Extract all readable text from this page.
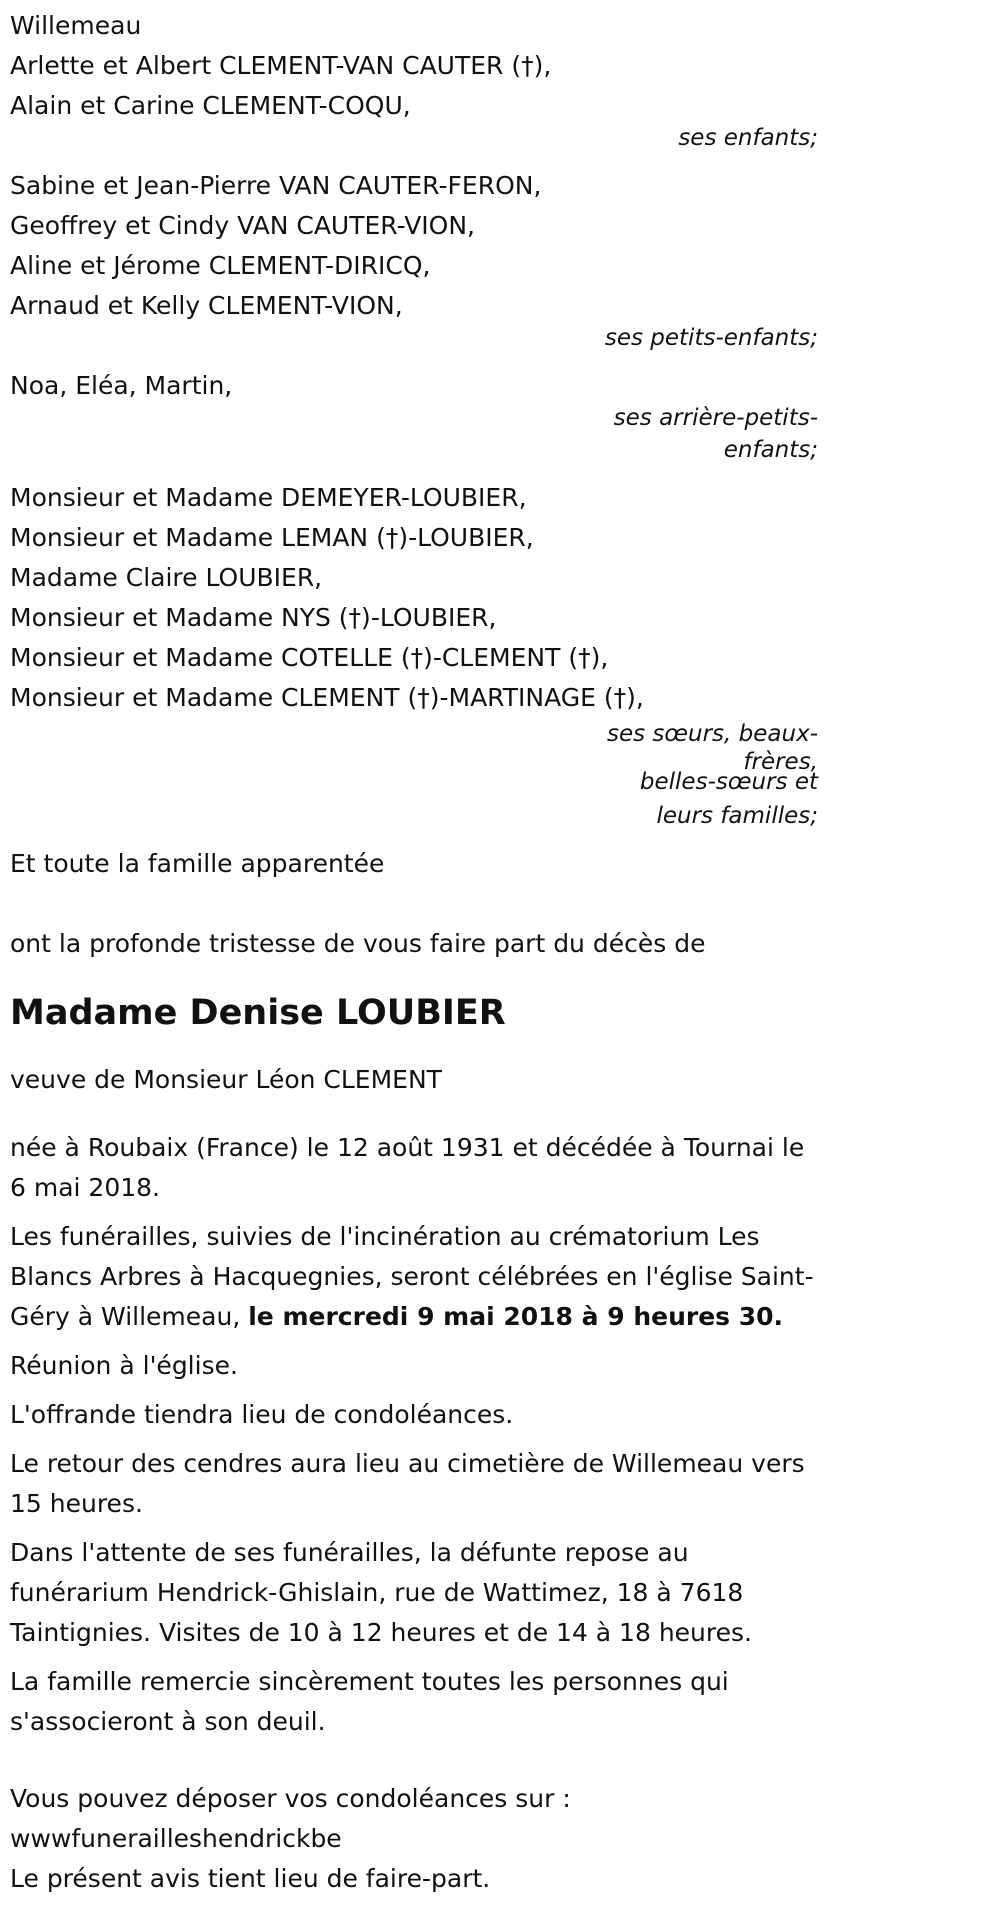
Willemeau
Arlette et Albert CLEMENT-VAN CAUTER (†),
Alain et Carine CLEMENT-COQU,
ses enfants;
Sabine et Jean-Pierre VAN CAUTER-FERON,
Geoffrey et Cindy VAN CAUTER-VION,
Aline et Jérome CLEMENT-DIRICQ,
Arnaud et Kelly CLEMENT-VION,
ses petits-enfants;
Noa, Eléa, Martin,
ses arrière-petits-
enfants;
Monsieur et Madame DEMEYER-LOUBIER,
Monsieur et Madame LEMAN (†)-LOUBIER,
Madame Claire LOUBIER,
Monsieur et Madame NYS (†)-LOUBIER,
Monsieur et Madame COTELLE (†)-CLEMENT (†),
Monsieur et Madame CLEMENT (†)-MARTINAGE (†),
ses sœurs, beaux-
frères,
belles-sœurs et
leurs familles;
Et toute la famille apparentée
ont la profonde tristesse de vous faire part du décès de
Madame Denise LOUBIER
veuve de Monsieur Léon CLEMENT

née à Roubaix (France) le 12 août 1931 et décédée à Tournai le 6 mai 2018.

Les funérailles, suivies de l'incinération au crématorium Les Blancs Arbres à Hacquegnies, seront célébrées en l'église Saint-Géry à Willemeau, le mercredi 9 mai 2018 à 9 heures 30.

Réunion à l'église.

L'offrande tiendra lieu de condoléances.

Le retour des cendres aura lieu au cimetière de Willemeau vers 15 heures.

Dans l'attente de ses funérailles, la défunte repose au funérarium Hendrick-Ghislain, rue de Wattimez, 18 à 7618 Taintignies. Visites de 10 à 12 heures et de 14 à 18 heures.

La famille remercie sincèrement toutes les personnes qui s'associeront à son deuil.

Vous pouvez déposer vos condoléances sur :
wwwfunerailleshendrickbe
Le présent avis tient lieu de faire-part.
